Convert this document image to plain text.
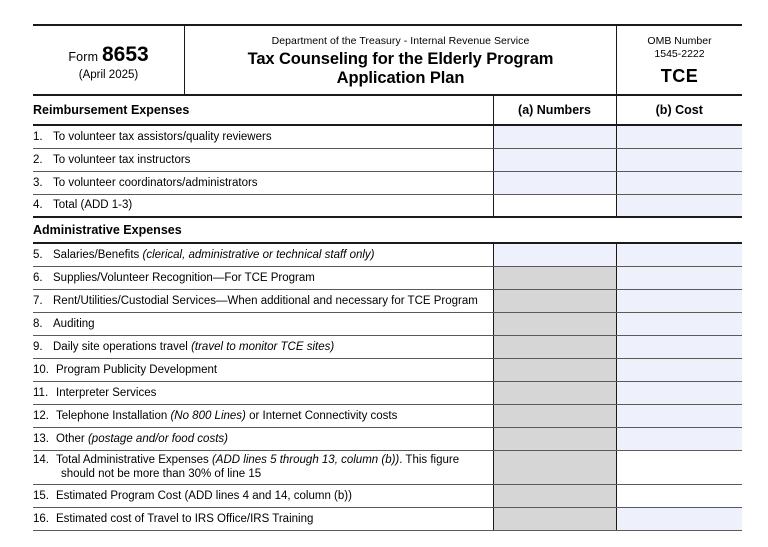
Form 8653
(April 2025)
Department of the Treasury - Internal Revenue Service
Tax Counseling for the Elderly Program
Application Plan
OMB Number
1545-2222
TCE
Reimbursement Expenses	(a) Numbers	(b) Cost
1. To volunteer tax assistors/quality reviewers		
2. To volunteer tax instructors		
3. To volunteer coordinators/administrators		
4. Total (ADD 1-3)		
Administrative Expenses		
5. Salaries/Benefits (clerical, administrative or technical staff only)		
6. Supplies/Volunteer Recognition—For TCE Program		
7. Rent/Utilities/Custodial Services—When additional and necessary for TCE Program		
8. Auditing		
9. Daily site operations travel (travel to monitor TCE sites)		
10. Program Publicity Development		
11. Interpreter Services		
12. Telephone Installation (No 800 Lines) or Internet Connectivity costs		
13. Other (postage and/or food costs)		
14. Total Administrative Expenses (ADD lines 5 through 13, column (b)). This figure
should not be more than 30% of line 15		

15. Estimated Program Cost (ADD lines 4 and 14, column (b))		
16. Estimated cost of Travel to IRS Office/IRS Training		
